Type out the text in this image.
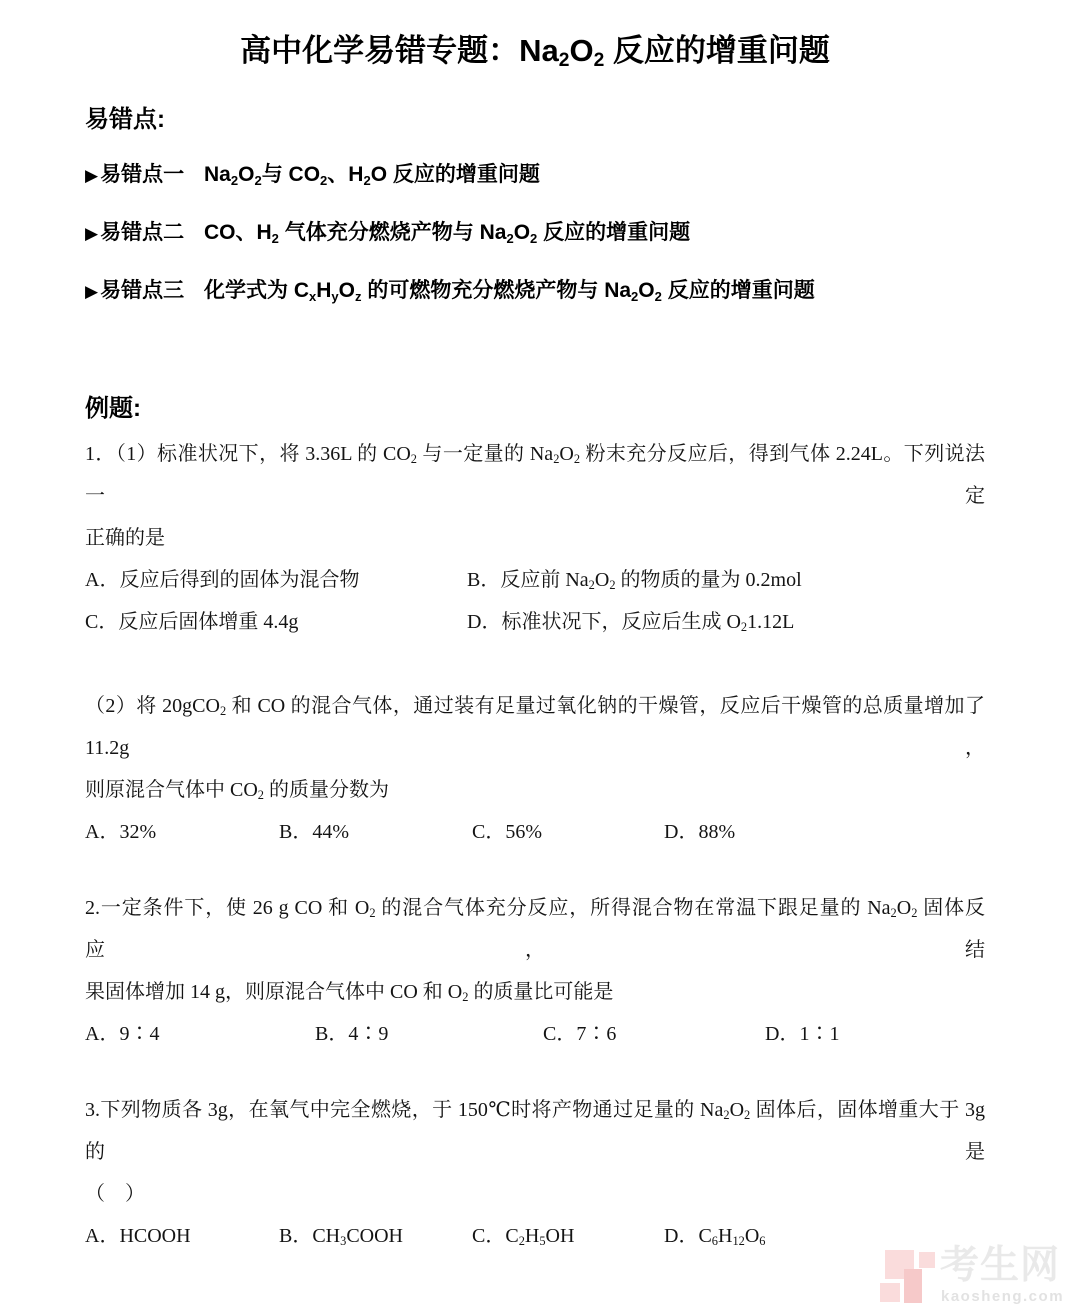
高中化学易错专题：$Na_2O_2$ 反应的增重问题
易错点:
▶易错点一 $Na_2O_2$与 $CO_2$、$H_2O$ 反应的增重问题
▶易错点二 CO、$H_2$ 气体充分燃烧产物与 $Na_2O_2$ 反应的增重问题
▶易错点三 化学式为 $C_xH_yO_z$ 的可燃物充分燃烧产物与 $Na_2O_2$ 反应的增重问题
例题:
1．（1）标准状况下，将 3.36L 的 $CO_2$ 与一定量的 $Na_2O_2$ 粉末充分反应后，得到气体 2.24L。下列说法一定
正确的是
A．反应后得到的固体为混合物	B．反应前 $Na_2O_2$ 的物质的量为 0.2mol
C．反应后固体增重 4.4g	D．标准状况下，反应后生成 $O_21.12L$
（2）将 20gCO$_2$ 和 CO 的混合气体，通过装有足量过氧化钠的干燥管，反应后干燥管的总质量增加了 11.2g，
则原混合气体中 $CO_2$ 的质量分数为
A．32%	B．44%	C．56%	D．88%
2.一定条件下，使 26 g CO 和 $O_2$ 的混合气体充分反应，所得混合物在常温下跟足量的 $Na_2O_2$ 固体反应，结
果固体增加 14 g，则原混合气体中 CO 和 $O_2$ 的质量比可能是
A．9∶4	B．4∶9	C．7∶6	D．1∶1
3.下列物质各 3g，在氧气中完全燃烧，于 150℃时将产物通过足量的 $Na_2O_2$ 固体后，固体增重大于 3g 的是
（　）
A．HCOOH	B．$CH_3COOH$	C．$C_2H_5OH$	D．$C_6H_{12}O_6$
考生网
kaosheng.com
